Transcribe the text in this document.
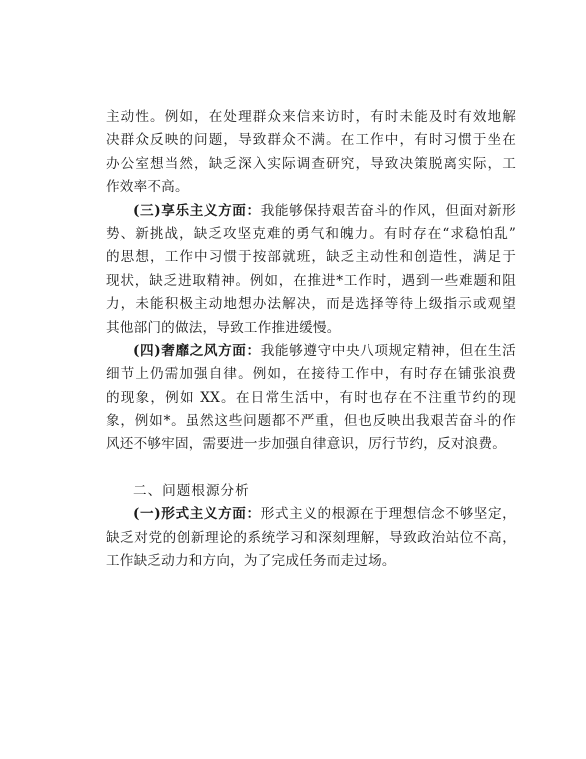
主动性。例如，在处理群众来信来访时，有时未能及时有效地解
决群众反映的问题，导致群众不满。在工作中，有时习惯于坐在
办公室想当然，缺乏深入实际调查研究，导致决策脱离实际，工
作效率不高。
(三)享乐主义方面：我能够保持艰苦奋斗的作风，但面对新形
势、新挑战，缺乏攻坚克难的勇气和魄力。有时存在“求稳怕乱”
的思想，工作中习惯于按部就班，缺乏主动性和创造性，满足于
现状，缺乏进取精神。例如，在推进*工作时，遇到一些难题和阻
力，未能积极主动地想办法解决，而是选择等待上级指示或观望
其他部门的做法，导致工作推进缓慢。
(四)奢靡之风方面：我能够遵守中央八项规定精神，但在生活
细节上仍需加强自律。例如，在接待工作中，有时存在铺张浪费
的现象，例如 XX。在日常生活中，有时也存在不注重节约的现
象，例如*。虽然这些问题都不严重，但也反映出我艰苦奋斗的作
风还不够牢固，需要进一步加强自律意识，厉行节约，反对浪费。
二、问题根源分析
(一)形式主义方面：形式主义的根源在于理想信念不够坚定，
缺乏对党的创新理论的系统学习和深刻理解，导致政治站位不高，
工作缺乏动力和方向，为了完成任务而走过场。
